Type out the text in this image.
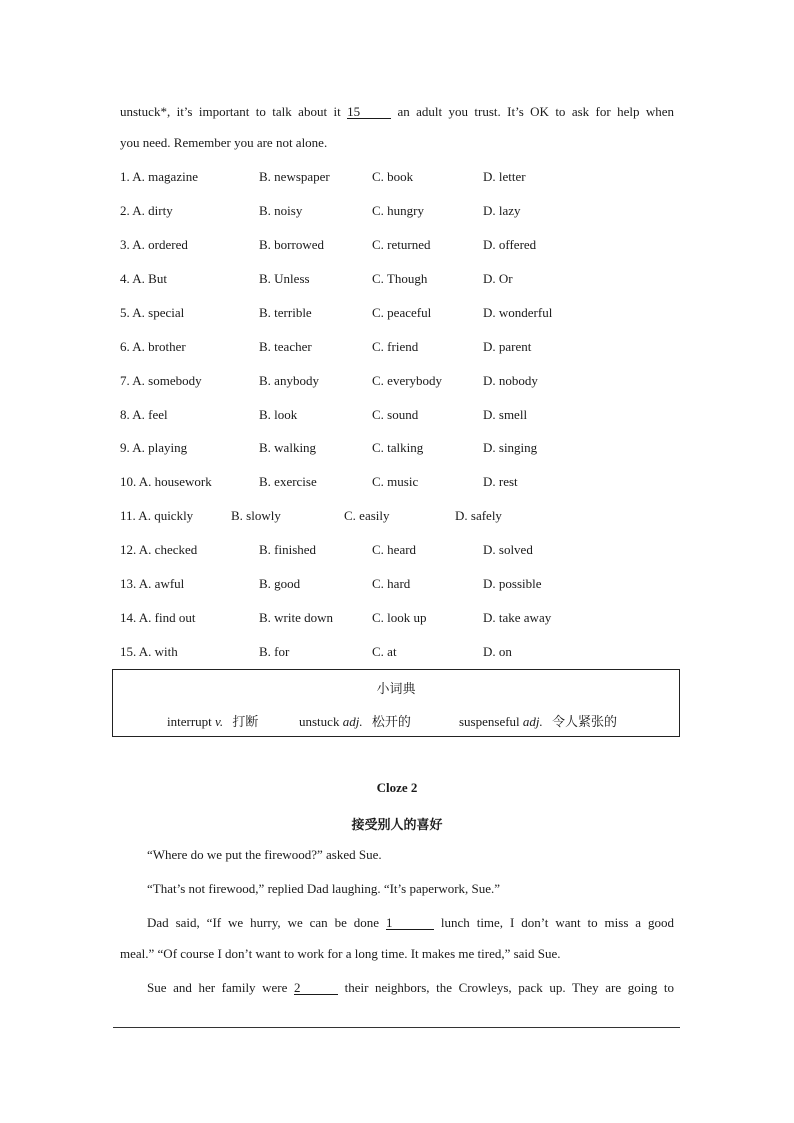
unstuck*, it’s important to talk about it 15	an adult you trust. It’s OK to ask for help when
you need. Remember you are not alone.
1. A. magazine	B. newspaper	C. book	D. letter
2. A. dirty	B. noisy	C. hungry	D. lazy
3. A. ordered	B. borrowed	C. returned	D. offered
4. A. But	B. Unless	C. Though	D. Or
5. A. special	B. terrible	C. peaceful	D. wonderful
6. A. brother	B. teacher	C. friend	D. parent
7. A. somebody	B. anybody	C. everybody	D. nobody
8. A. feel	B. look	C. sound	D. smell
9. A. playing	B. walking	C. talking	D. singing
10. A. housework	B. exercise	C. music	D. rest
11. A. quickly	B. slowly	C. easily	D. safely
12. A. checked	B. finished	C. heard	D. solved
13. A. awful	B. good	C. hard	D. possible
14. A. find out	B. write down	C. look up	D. take away
15. A. with	B. for	C. at	D. on
小词典
interrupt v. 打断	unstuck adj. 松开的	suspenseful adj. 令人紧张的
Cloze 2
接受别人的喜好
“Where do we put the firewood?” asked Sue.
“That’s not firewood,” replied Dad laughing. “It’s paperwork, Sue.”
Dad said, “If we hurry, we can be done 1	lunch time, I don’t want to miss a good
meal.” “Of course I don’t want to work for a long time. It makes me tired,” said Sue.
Sue and her family were 2	their neighbors, the Crowleys, pack up. They are going to
